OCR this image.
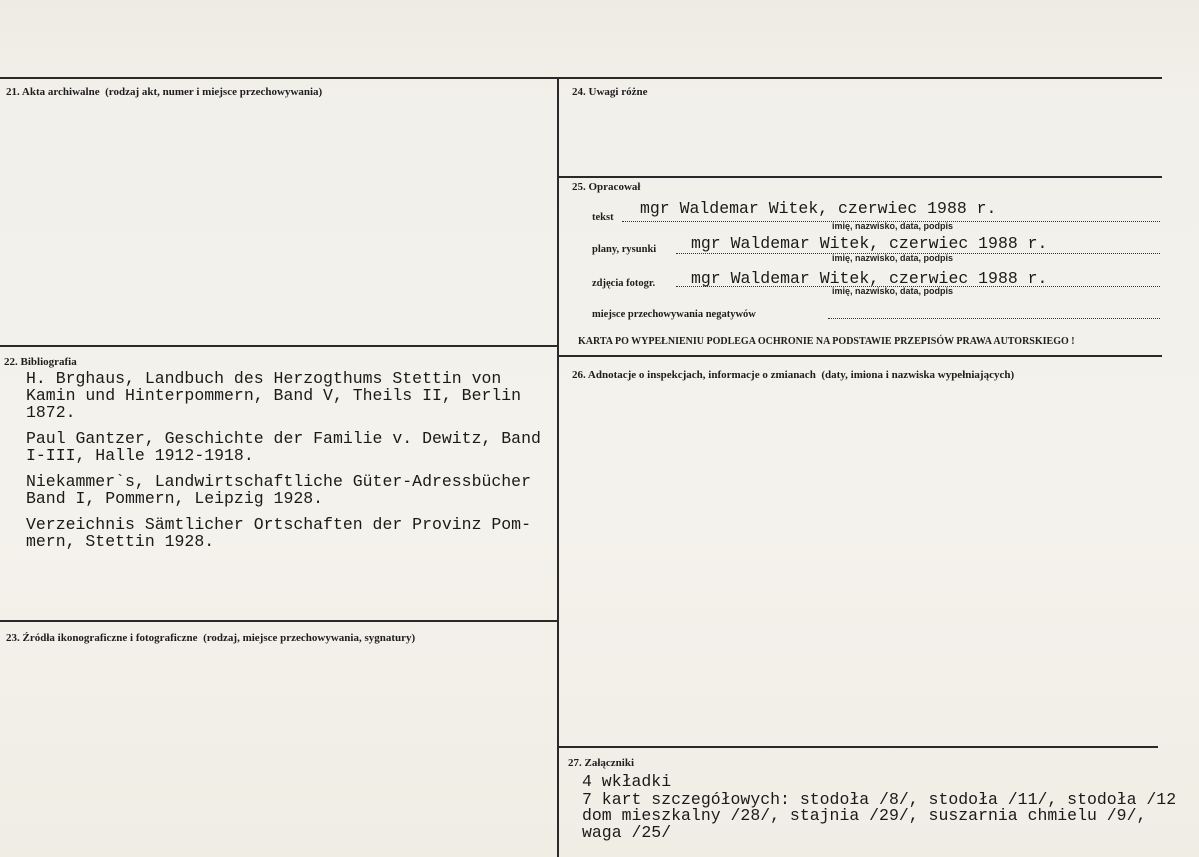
21. Akta archiwalne (rodzaj akt, numer i miejsce przechowywania)
22. Bibliografia
H. Brghaus, Landbuch des Herzogthums Stettin von
Kamin und Hinterpommern, Band V, Theils II, Berlin
1872.
Paul Gantzer, Geschichte der Familie v. Dewitz, Band
I-III, Halle 1912-1918.
Niekammer`s, Landwirtschaftliche Güter-Adressbücher
Band I, Pommern, Leipzig 1928.
Verzeichnis Sämtlicher Ortschaften der Provinz Pom-
mern, Stettin 1928.
23. Źródła ikonograficzne i fotograficzne (rodzaj, miejsce przechowywania, sygnatury)
24. Uwagi różne
25. Opracował
tekst mgr Waldemar Witek, czerwiec 1988 r.
imię, nazwisko, data, podpis
plany, rysunki mgr Waldemar Witek, czerwiec 1988 r.
imię, nazwisko, data, podpis
zdjęcia fotogr. mgr Waldemar Witek, czerwiec 1988 r.
imię, nazwisko, data, podpis
miejsce przechowywania negatywów
KARTA PO WYPEŁNIENIU PODLEGA OCHRONIE NA PODSTAWIE PRZEPISÓW PRAWA AUTORSKIEGO !
26. Adnotacje o inspekcjach, informacje o zmianach (daty, imiona i nazwiska wypełniających)
27. Załączniki
4 wkładki
7 kart szczegółowych: stodoła /8/, stodoła /11/, stodoła /12
dom mieszkalny /28/, stajnia /29/, suszarnia chmielu /9/,
waga /25/
